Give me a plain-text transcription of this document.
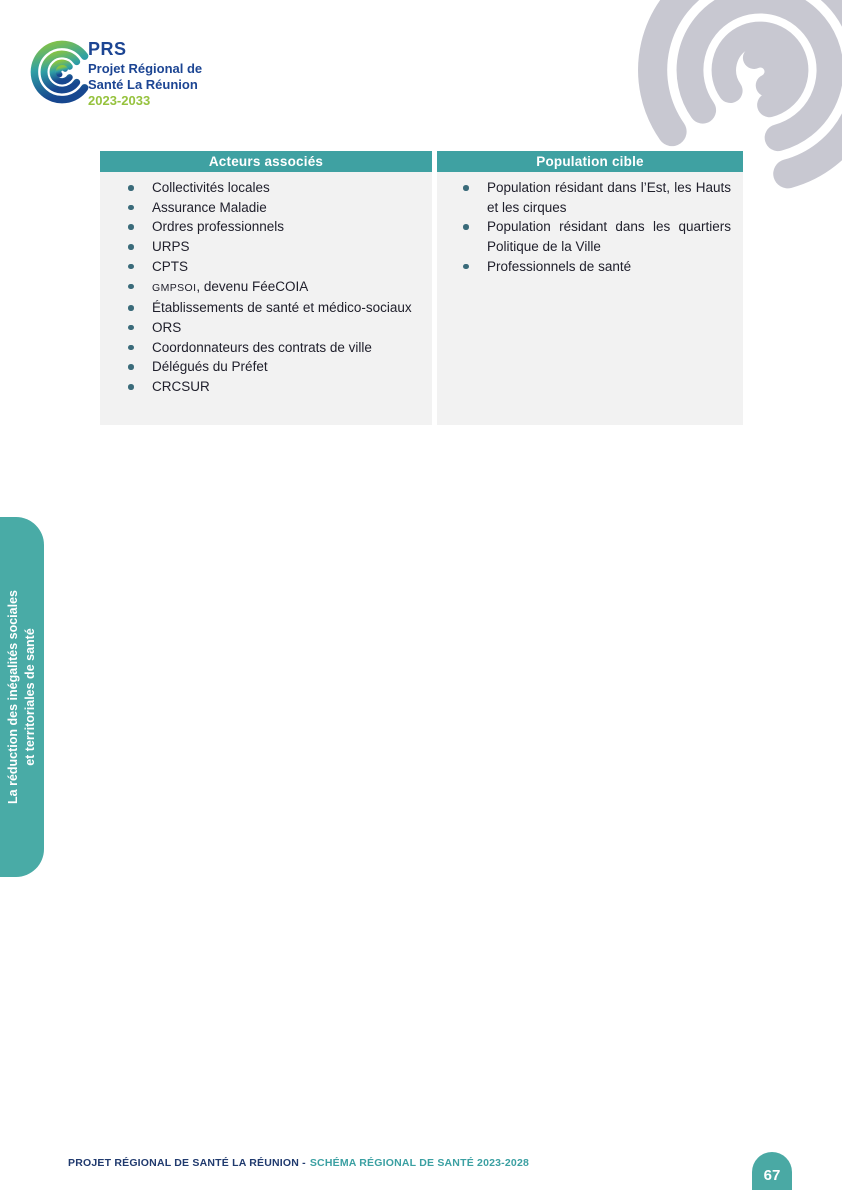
PRS
Projet Régional de
Santé La Réunion
2023-2033
Acteurs associés
Collectivités locales
Assurance Maladie
Ordres professionnels
URPS
CPTS
GMPSOI, devenu FéeCOIA
Établissements de santé et médico-sociaux
ORS
Coordonnateurs des contrats de ville
Délégués du Préfet
CRCSUR
Population cible
Population résidant dans l’Est, les Hauts et les cirques
Population résidant dans les quartiers Politique de la Ville
Professionnels de santé
La réduction des inégalités sociales et territoriales de santé
PROJET RÉGIONAL DE SANTÉ LA RÉUNION - SCHÉMA RÉGIONAL DE SANTÉ 2023-2028
67
